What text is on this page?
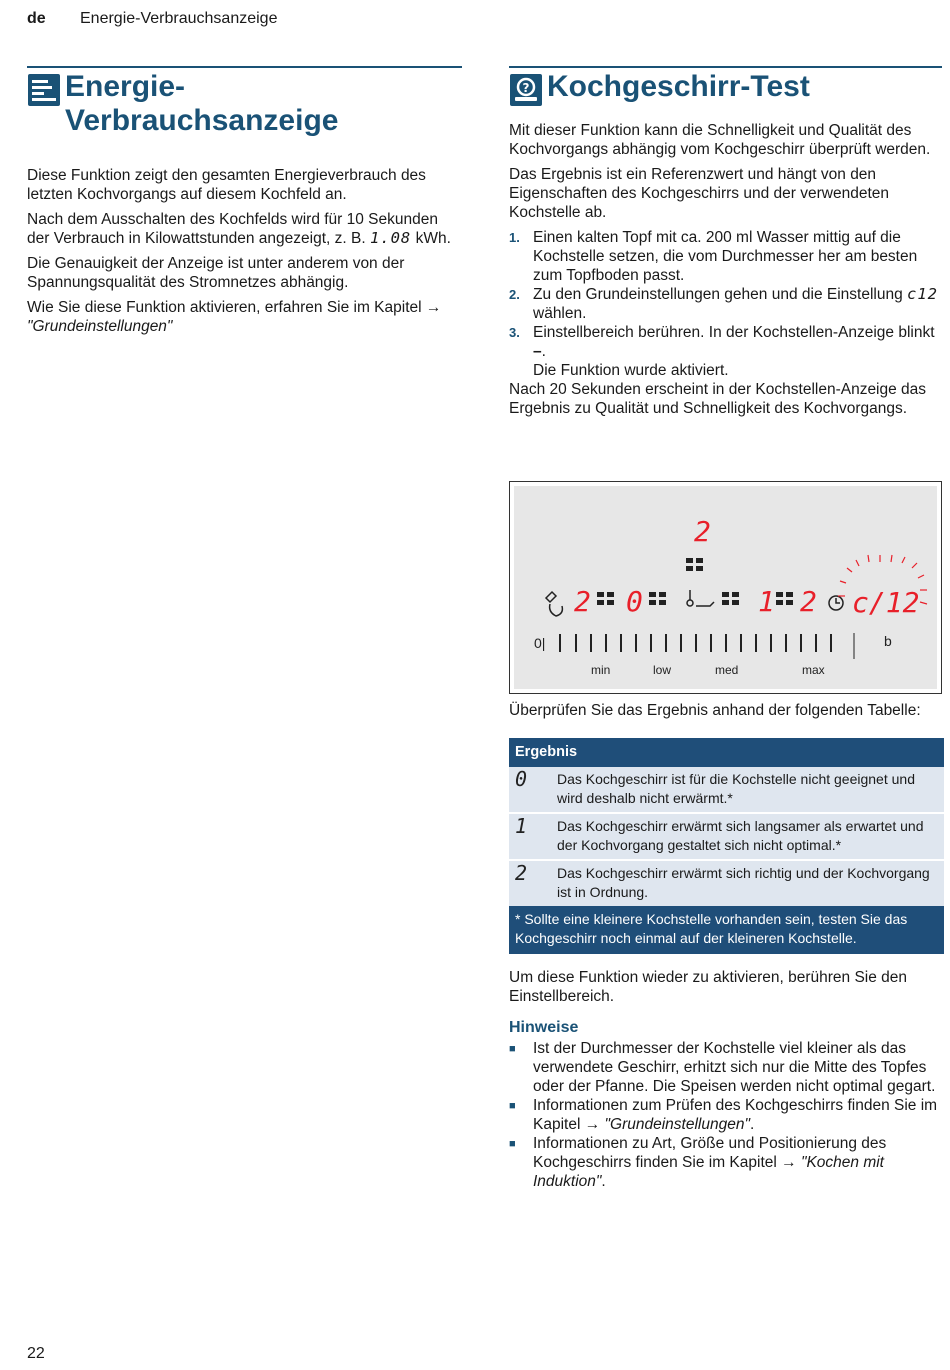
de Energie-Verbrauchsanzeige
Energie-
Verbrauchsanzeige

Diese Funktion zeigt den gesamten Energieverbrauch des letzten Kochvorgangs auf diesem Kochfeld an.

Nach dem Ausschalten des Kochfelds wird für 10 Sekunden der Verbrauch in Kilowattstunden angezeigt, z. B. 1.08 kWh.

Die Genauigkeit der Anzeige ist unter anderem von der Spannungsqualität des Stromnetzes abhängig.

Wie Sie diese Funktion aktivieren, erfahren Sie im Kapitel → "Grundeinstellungen"

? Kochgeschirr-Test

Mit dieser Funktion kann die Schnelligkeit und Qualität des Kochvorgangs abhängig vom Kochgeschirr überprüft werden.

Das Ergebnis ist ein Referenzwert und hängt von den Eigenschaften des Kochgeschirrs und der verwendeten Kochstelle ab.

1. Einen kalten Topf mit ca. 200 ml Wasser mittig auf die Kochstelle setzen, die vom Durchmesser her am besten zum Topfboden passt.
2. Zu den Grundeinstellungen gehen und die Einstellung c12 wählen.
3. Einstellbereich berühren. In der Kochstellen-Anzeige blinkt –.
Die Funktion wurde aktiviert.

Nach 20 Sekunden erscheint in der Kochstellen-Anzeige das Ergebnis zu Qualität und Schnelligkeit des Kochvorgangs.

2
2 0	1 2 c/12
0|	b
min	low	med	max

Überprüfen Sie das Ergebnis anhand der folgenden Tabelle:

Ergebnis	
0	Das Kochgeschirr ist für die Kochstelle nicht geeignet und wird deshalb nicht erwärmt.*
1	Das Kochgeschirr erwärmt sich langsamer als erwartet und der Kochvorgang gestaltet sich nicht optimal.*
2	Das Kochgeschirr erwärmt sich richtig und der Kochvorgang ist in Ordnung.
* Sollte eine kleinere Kochstelle vorhanden sein, testen Sie das Kochgeschirr noch einmal auf der kleineren Kochstelle.	

Um diese Funktion wieder zu aktivieren, berühren Sie den Einstellbereich.

Hinweise
■	Ist der Durchmesser der Kochstelle viel kleiner als das verwendete Geschirr, erhitzt sich nur die Mitte des Topfes oder der Pfanne. Die Speisen werden nicht optimal gegart.
■	Informationen zum Prüfen des Kochgeschirrs finden Sie im Kapitel → "Grundeinstellungen".
■	Informationen zu Art, Größe und Positionierung des Kochgeschirrs finden Sie im Kapitel → "Kochen mit Induktion".
22
